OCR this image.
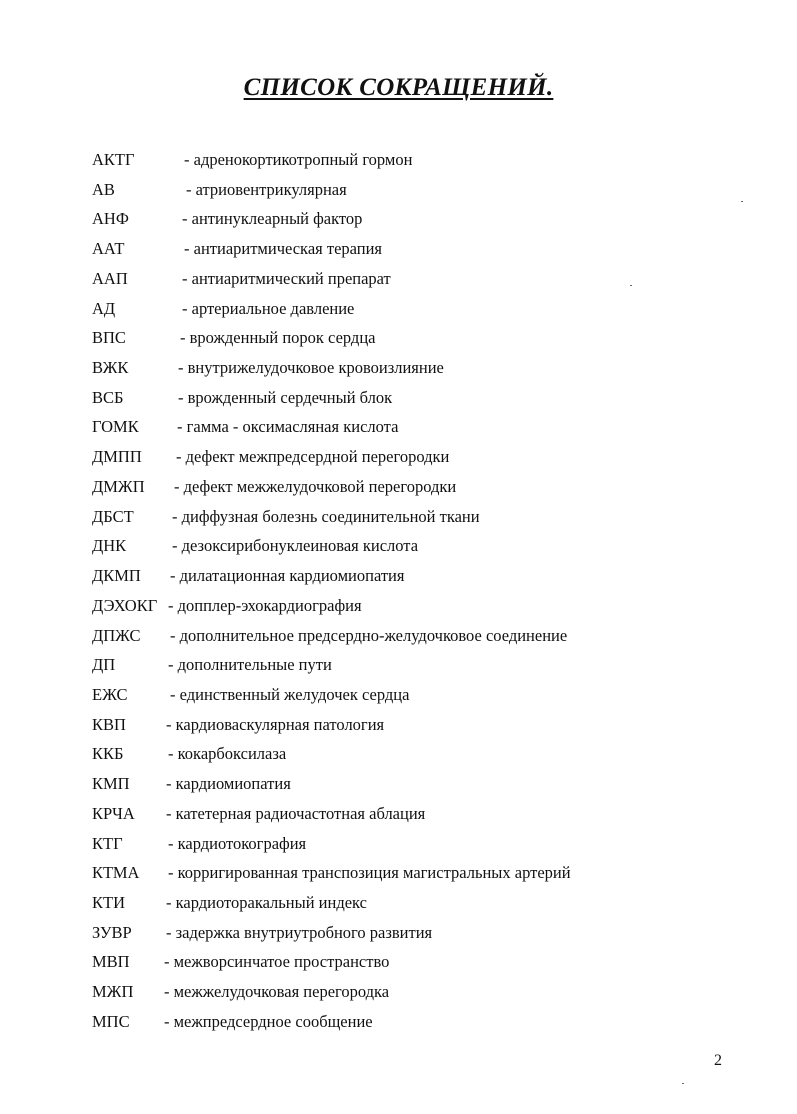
СПИСОК СОКРАЩЕНИЙ.
АКТГ	- адренокортикотропный гормон
АВ	- атриовентрикулярная
АНФ	- антинуклеарный фактор
ААТ	- антиаритмическая терапия
ААП	- антиаритмический препарат
АД	- артериальное давление
ВПС	- врожденный порок сердца
ВЖК	- внутрижелудочковое кровоизлияние
ВСБ	- врожденный сердечный блок
ГОМК - гамма - оксимасляная кислота
ДМПП - дефект межпредсердной перегородки
ДМЖП - дефект межжелудочковой перегородки
ДБСТ - диффузная болезнь соединительной ткани
ДНК	- дезоксирибонуклеиновая кислота
ДКМП - дилатационная кардиомиопатия
ДЭХОКГ - допплер-эхокардиография
ДПЖС - дополнительное предсердно-желудочковое соединение
ДП	- дополнительные пути
ЕЖС	- единственный желудочек сердца
КВП - кардиоваскулярная патология
ККБ	- кокарбоксилаза
КМП - кардиомиопатия
КРЧА - катетерная радиочастотная аблация
КТГ	- кардиотокография
КТМА - корригированная транспозиция магистральных артерий
КТИ - кардиоторакальный индекс
ЗУВР - задержка внутриутробного развития
МВП - межворсинчатое пространство
МЖП - межжелудочковая перегородка
МПС - межпредсердное сообщение
2
